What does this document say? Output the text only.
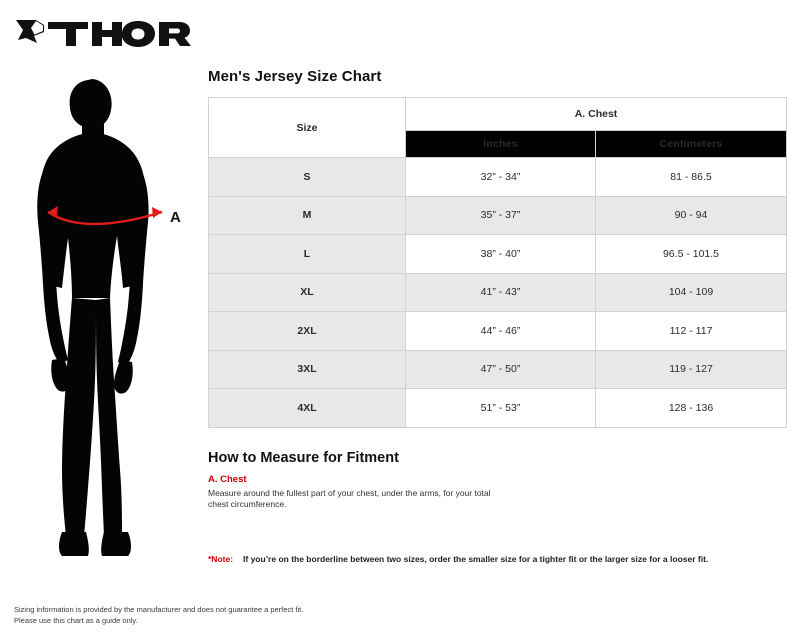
A
Men's Jersey Size Chart
Size	A. Chest	
	Inches	Centimeters
S	32” - 34”	81 - 86.5
M	35” - 37”	90 - 94
L	38” - 40”	96.5 - 101.5
XL	41” - 43”	104 - 109
2XL	44” - 46”	112 - 117
3XL	47” - 50”	119 - 127
4XL	51” - 53”	128 - 136
How to Measure for Fitment
A. Chest
Measure around the fullest part of your chest, under the arms, for your total
chest circumference.
*Note: If you’re on the borderline between two sizes, order the smaller size for a tighter fit or the larger size for a looser fit.
Sizing information is provided by the manufacturer and does not guarantee a perfect fit.
Please use this chart as a guide only.
